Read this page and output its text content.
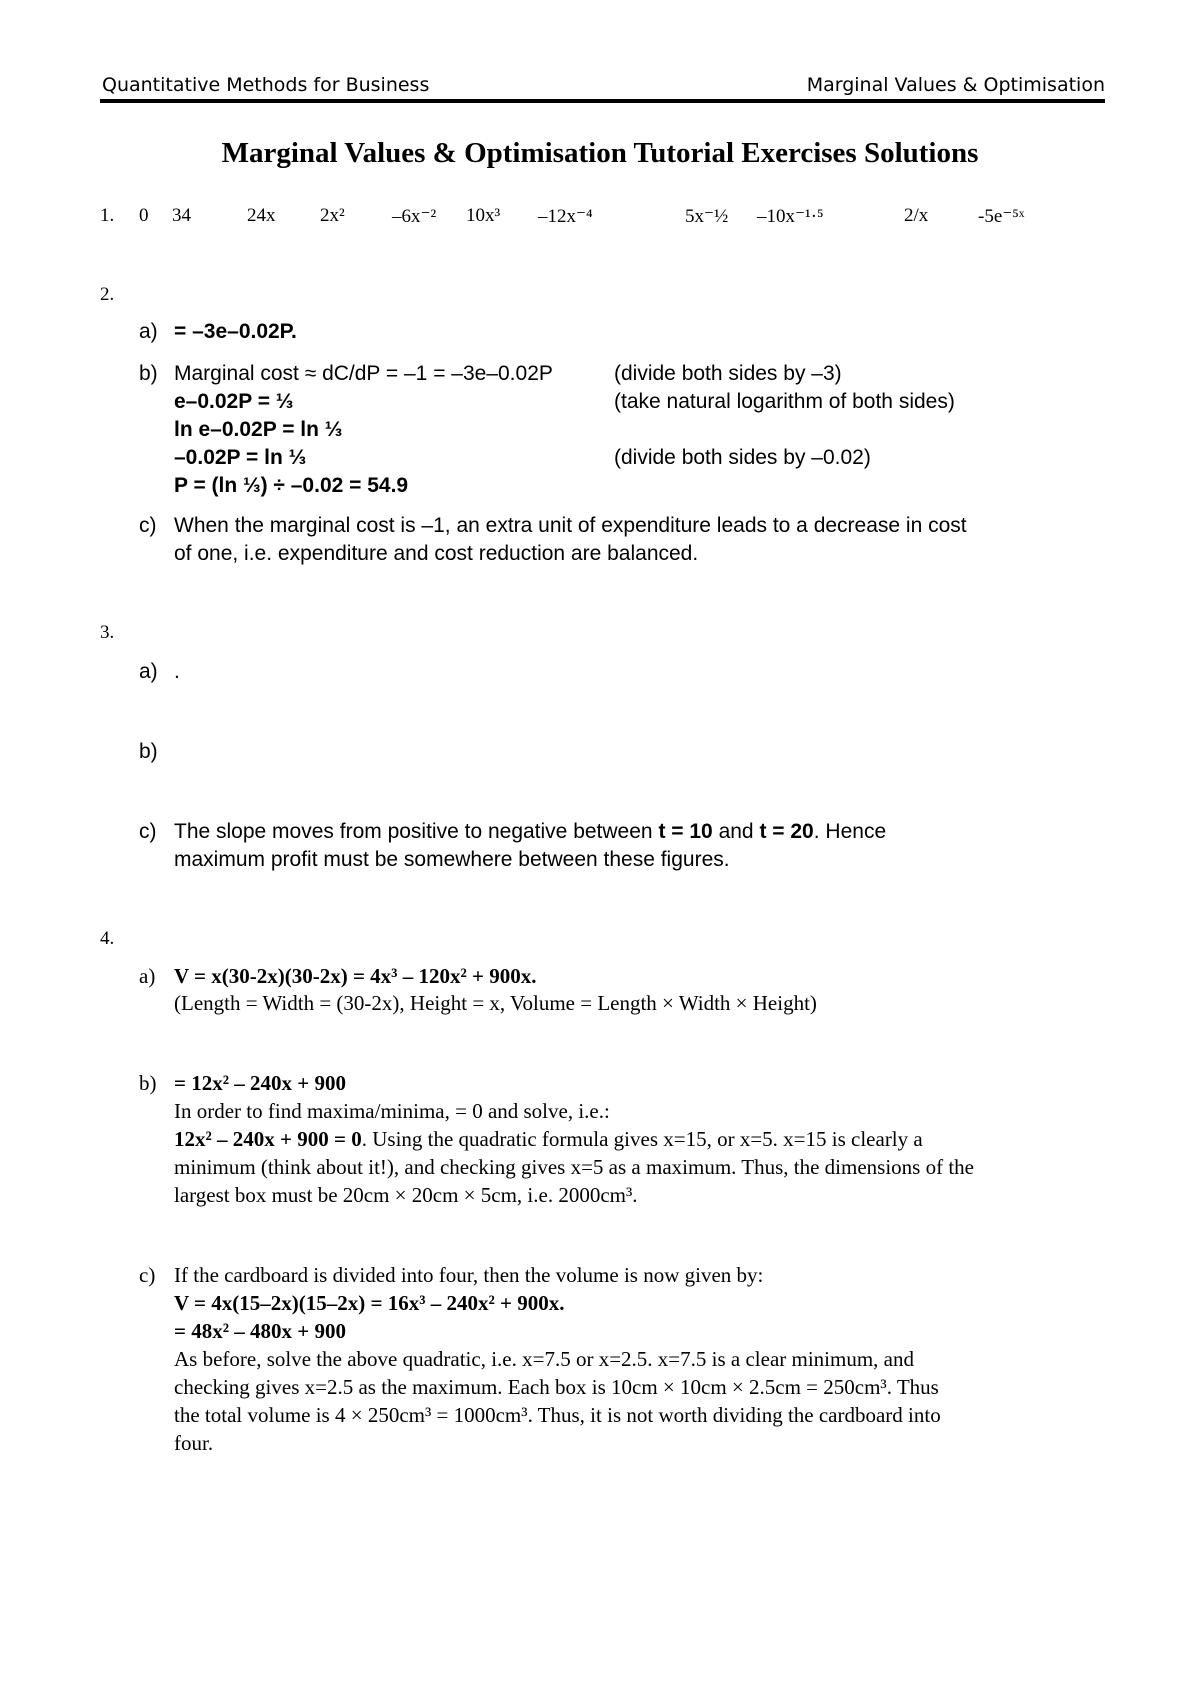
Quantitative Methods for Business	Marginal Values & Optimisation
Marginal Values & Optimisation Tutorial Exercises Solutions
1. 0 34	24x 2x² –6x⁻² 10x³ –12x⁻⁴	5x⁻½ –10x⁻¹·⁵	2/x	-5e⁻⁵ˣ
2.
a) = –3e–0.02P.
b) Marginal cost ≈ dC/dP = –1 = –3e–0.02P	(divide both sides by –3)
e–0.02P = ⅓	(take natural logarithm of both sides)
ln e–0.02P = ln ⅓
–0.02P = ln ⅓	(divide both sides by –0.02)
P = (ln ⅓) ÷ –0.02 = 54.9
c) When the marginal cost is –1, an extra unit of expenditure leads to a decrease in cost
of one, i.e. expenditure and cost reduction are balanced.
3.
a) .
b)
c) The slope moves from positive to negative between t = 10 and t = 20. Hence
maximum profit must be somewhere between these figures.
4.
a) V = x(30-2x)(30-2x) = 4x³ – 120x² + 900x.
(Length = Width = (30-2x), Height = x, Volume = Length × Width × Height)
b) = 12x² – 240x + 900
In order to find maxima/minima, = 0 and solve, i.e.:
12x² – 240x + 900 = 0. Using the quadratic formula gives x=15, or x=5. x=15 is clearly a
minimum (think about it!), and checking gives x=5 as a maximum. Thus, the dimensions of the
largest box must be 20cm × 20cm × 5cm, i.e. 2000cm³.
c) If the cardboard is divided into four, then the volume is now given by:
V = 4x(15–2x)(15–2x) = 16x³ – 240x² + 900x.
= 48x² – 480x + 900
As before, solve the above quadratic, i.e. x=7.5 or x=2.5. x=7.5 is a clear minimum, and
checking gives x=2.5 as the maximum. Each box is 10cm × 10cm × 2.5cm = 250cm³. Thus
the total volume is 4 × 250cm³ = 1000cm³. Thus, it is not worth dividing the cardboard into
four.
